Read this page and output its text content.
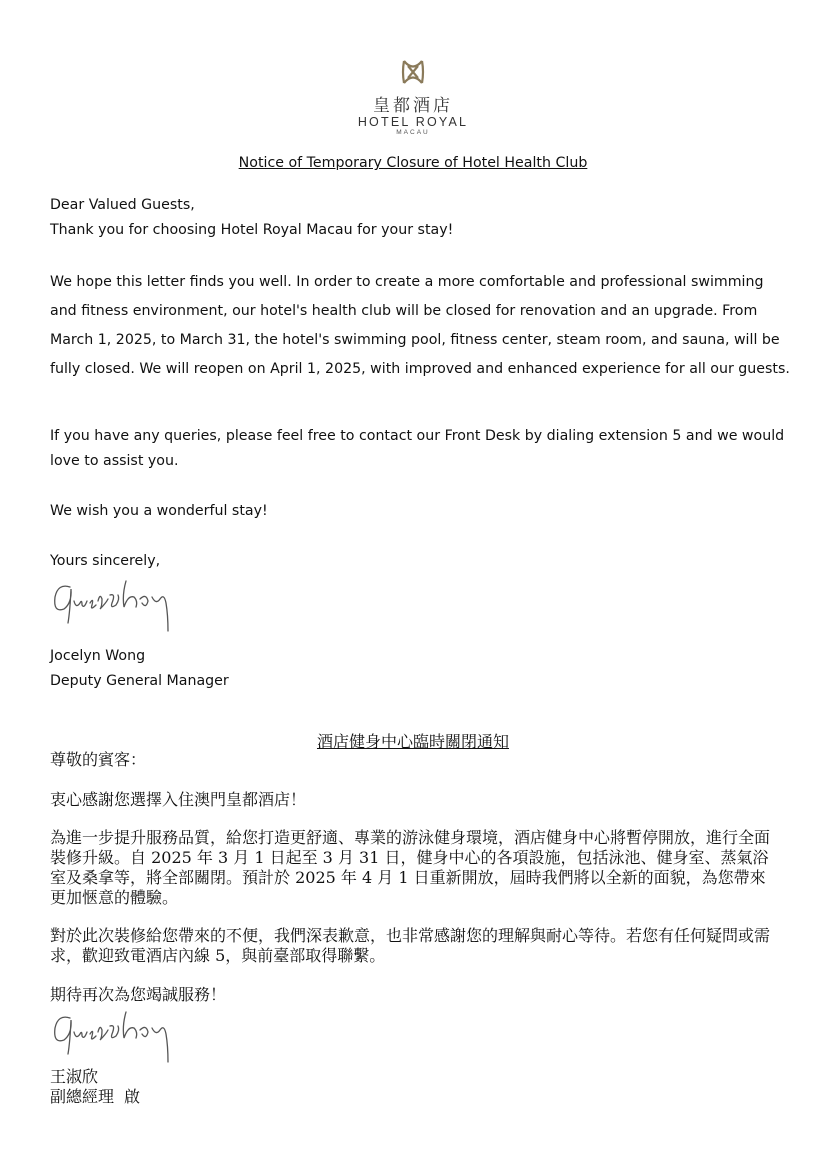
皇都酒店
HOTEL ROYAL
MACAU
Notice of Temporary Closure of Hotel Health Club
Dear Valued Guests,
Thank you for choosing Hotel Royal Macau for your stay!
We hope this letter finds you well. In order to create a more comfortable and professional swimming and fitness environment, our hotel's health club will be closed for renovation and an upgrade. From March 1, 2025, to March 31, the hotel's swimming pool, fitness center, steam room, and sauna, will be fully closed. We will reopen on April 1, 2025, with improved and enhanced experience for all our guests.
If you have any queries, please feel free to contact our Front Desk by dialing extension 5 and we would love to assist you.
We wish you a wonderful stay!
Yours sincerely,
Jocelyn Wong
Deputy General Manager
酒店健身中心臨時關閉通知
尊敬的賓客：
衷心感謝您選擇入住澳門皇都酒店！
為進一步提升服務品質，給您打造更舒適、專業的游泳健身環境，酒店健身中心將暫停開放，進行全面裝修升級。自 2025 年 3 月 1 日起至 3 月 31 日，健身中心的各項設施，包括泳池、健身室、蒸氣浴室及桑拿等，將全部關閉。預計於 2025 年 4 月 1 日重新開放，屆時我們將以全新的面貌，為您帶來更加愜意的體驗。
對於此次裝修給您帶來的不便，我們深表歉意，也非常感謝您的理解與耐心等待。若您有任何疑問或需求，歡迎致電酒店內線 5，與前臺部取得聯繫。
期待再次為您竭誠服務！
王淑欣
副總經理  啟
